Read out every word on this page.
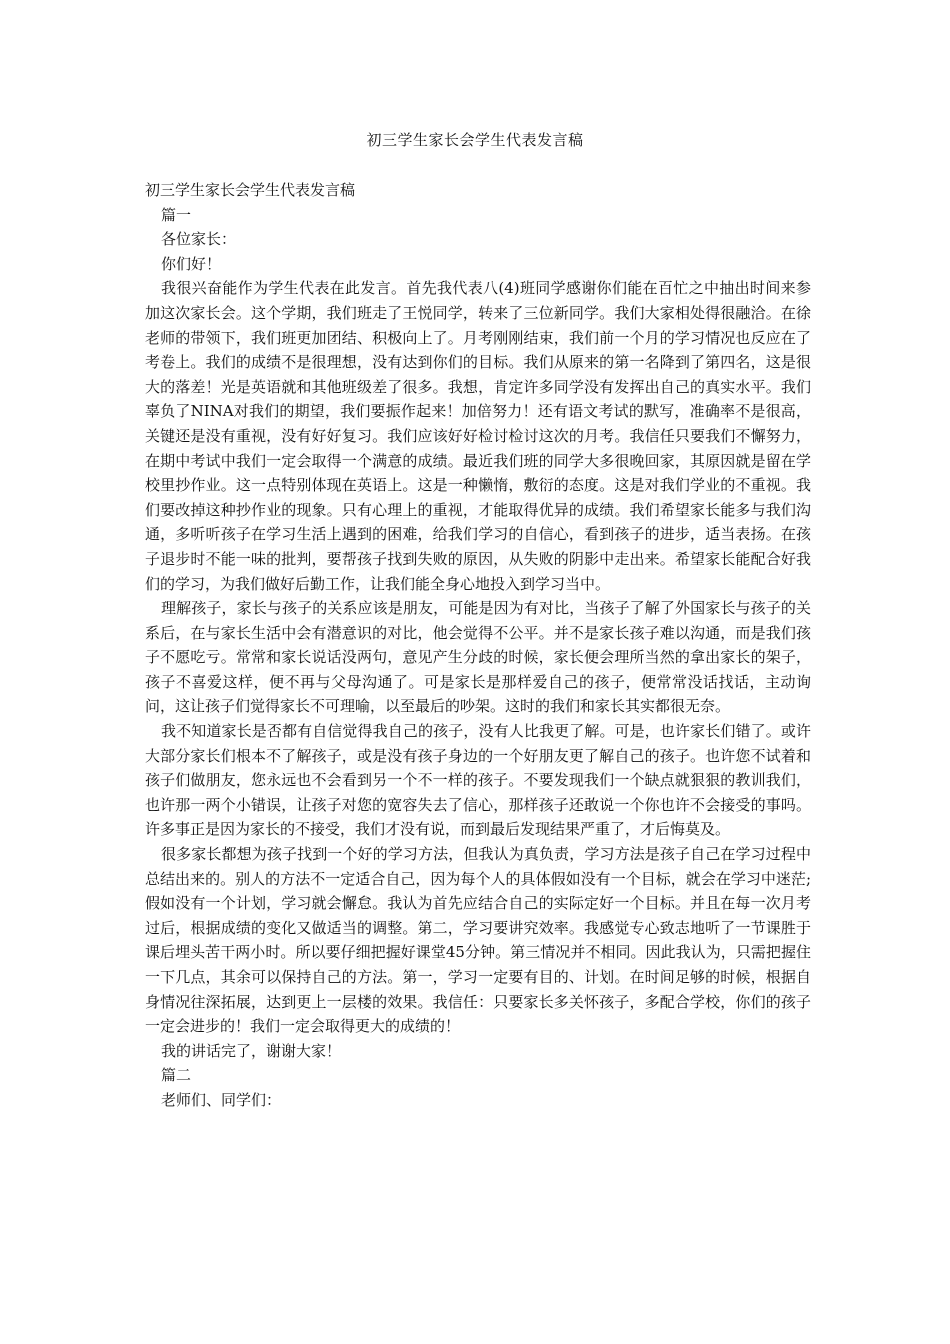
初三学生家长会学生代表发言稿

初三学生家长会学生代表发言稿

篇一

各位家长：

你们好！

我很兴奋能作为学生代表在此发言。首先我代表八(4)班同学感谢你们能在百忙之中抽出时间来参加这次家长会。这个学期，我们班走了王悦同学，转来了三位新同学。我们大家相处得很融洽。在徐老师的带领下，我们班更加团结、积极向上了。月考刚刚结束，我们前一个月的学习情况也反应在了考卷上。我们的成绩不是很理想，没有达到你们的目标。我们从原来的第一名降到了第四名，这是很大的落差！光是英语就和其他班级差了很多。我想，肯定许多同学没有发挥出自己的真实水平。我们辜负了NINA对我们的期望，我们要振作起来！加倍努力！还有语文考试的默写，准确率不是很高，关键还是没有重视，没有好好复习。我们应该好好检讨检讨这次的月考。我信任只要我们不懈努力，在期中考试中我们一定会取得一个满意的成绩。最近我们班的同学大多很晚回家，其原因就是留在学校里抄作业。这一点特别体现在英语上。这是一种懒惰，敷衍的态度。这是对我们学业的不重视。我们要改掉这种抄作业的现象。只有心理上的重视，才能取得优异的成绩。我们希望家长能多与我们沟通，多听听孩子在学习生活上遇到的困难，给我们学习的自信心，看到孩子的进步，适当表扬。在孩子退步时不能一味的批判，要帮孩子找到失败的原因，从失败的阴影中走出来。希望家长能配合好我们的学习，为我们做好后勤工作，让我们能全身心地投入到学习当中。

理解孩子，家长与孩子的关系应该是朋友，可能是因为有对比，当孩子了解了外国家长与孩子的关系后，在与家长生活中会有潜意识的对比，他会觉得不公平。并不是家长孩子难以沟通，而是我们孩子不愿吃亏。常常和家长说话没两句，意见产生分歧的时候，家长便会理所当然的拿出家长的架子，孩子不喜爱这样，便不再与父母沟通了。可是家长是那样爱自己的孩子，便常常没话找话，主动询问，这让孩子们觉得家长不可理喻，以至最后的吵架。这时的我们和家长其实都很无奈。

我不知道家长是否都有自信觉得我自己的孩子，没有人比我更了解。可是，也许家长们错了。或许大部分家长们根本不了解孩子，或是没有孩子身边的一个好朋友更了解自己的孩子。也许您不试着和孩子们做朋友，您永远也不会看到另一个不一样的孩子。不要发现我们一个缺点就狠狠的教训我们，也许那一两个小错误，让孩子对您的宽容失去了信心，那样孩子还敢说一个你也许不会接受的事吗。许多事正是因为家长的不接受，我们才没有说，而到最后发现结果严重了，才后悔莫及。

很多家长都想为孩子找到一个好的学习方法，但我认为真负责，学习方法是孩子自己在学习过程中总结出来的。别人的方法不一定适合自己，因为每个人的具体假如没有一个目标，就会在学习中迷茫;假如没有一个计划，学习就会懈怠。我认为首先应结合自己的实际定好一个目标。并且在每一次月考过后，根据成绩的变化又做适当的调整。第二，学习要讲究效率。我感觉专心致志地听了一节课胜于课后埋头苦干两小时。所以要仔细把握好课堂45分钟。第三情况并不相同。因此我认为，只需把握住一下几点，其余可以保持自己的方法。第一，学习一定要有目的、计划。在时间足够的时候，根据自身情况往深拓展，达到更上一层楼的效果。我信任：只要家长多关怀孩子，多配合学校，你们的孩子一定会进步的！我们一定会取得更大的成绩的！

我的讲话完了，谢谢大家！

篇二

老师们、同学们：
